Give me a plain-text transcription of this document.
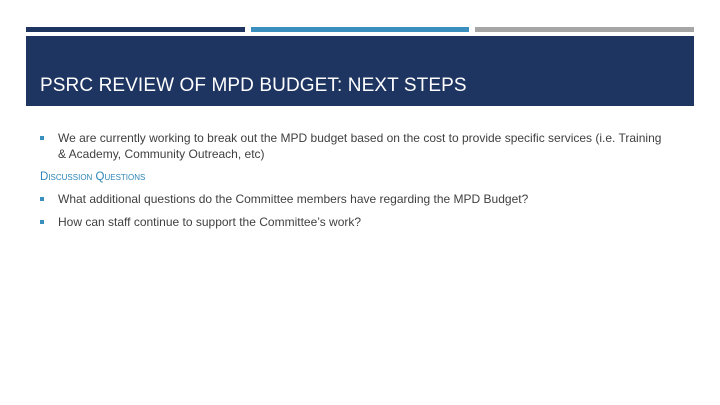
PSRC REVIEW OF MPD BUDGET: NEXT STEPS
We are currently working to break out the MPD budget based on the cost to provide specific services (i.e. Training & Academy, Community Outreach, etc)
Discussion Questions
What additional questions do the Committee members have regarding the MPD Budget?
How can staff continue to support the Committee’s work?
